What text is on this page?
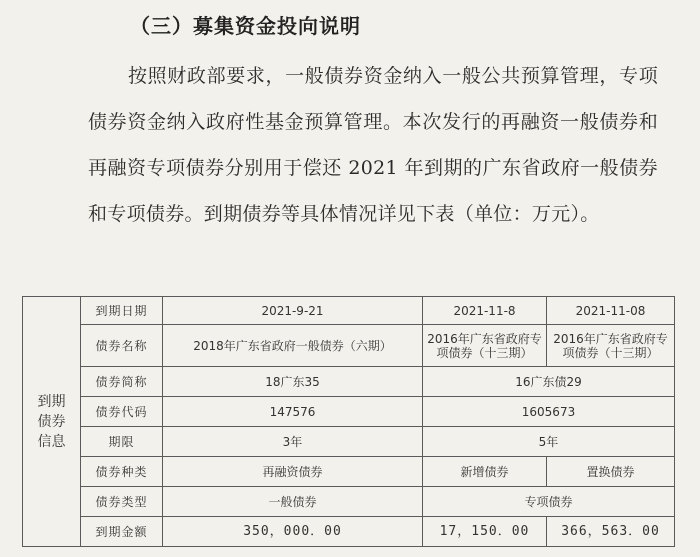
（三）募集资金投向说明
按照财政部要求，一般债券资金纳入一般公共预算管理，专项债券资金纳入政府性基金预算管理。本次发行的再融资一般债券和再融资专项债券分别用于偿还 2021 年到期的广东省政府一般债券和专项债券。到期债券等具体情况详见下表（单位：万元）。
到期
债券
信息	到期日期	2021-9-21	2021-11-8	2021-11-08
	债券名称	2018年广东省政府一般债券（六期）	2016年广东省政府专项债券（十三期）	2016年广东省政府专项债券（十三期）

	债券简称	18广东35	16广东债29	
	债券代码	147576	1605673	
	期限	3年	5年	
	债券种类	再融资债券	新增债券	置换债券
	债券类型	一般债券	专项债券	
	到期金额	350，000．00	17，150．00	366，563．00
